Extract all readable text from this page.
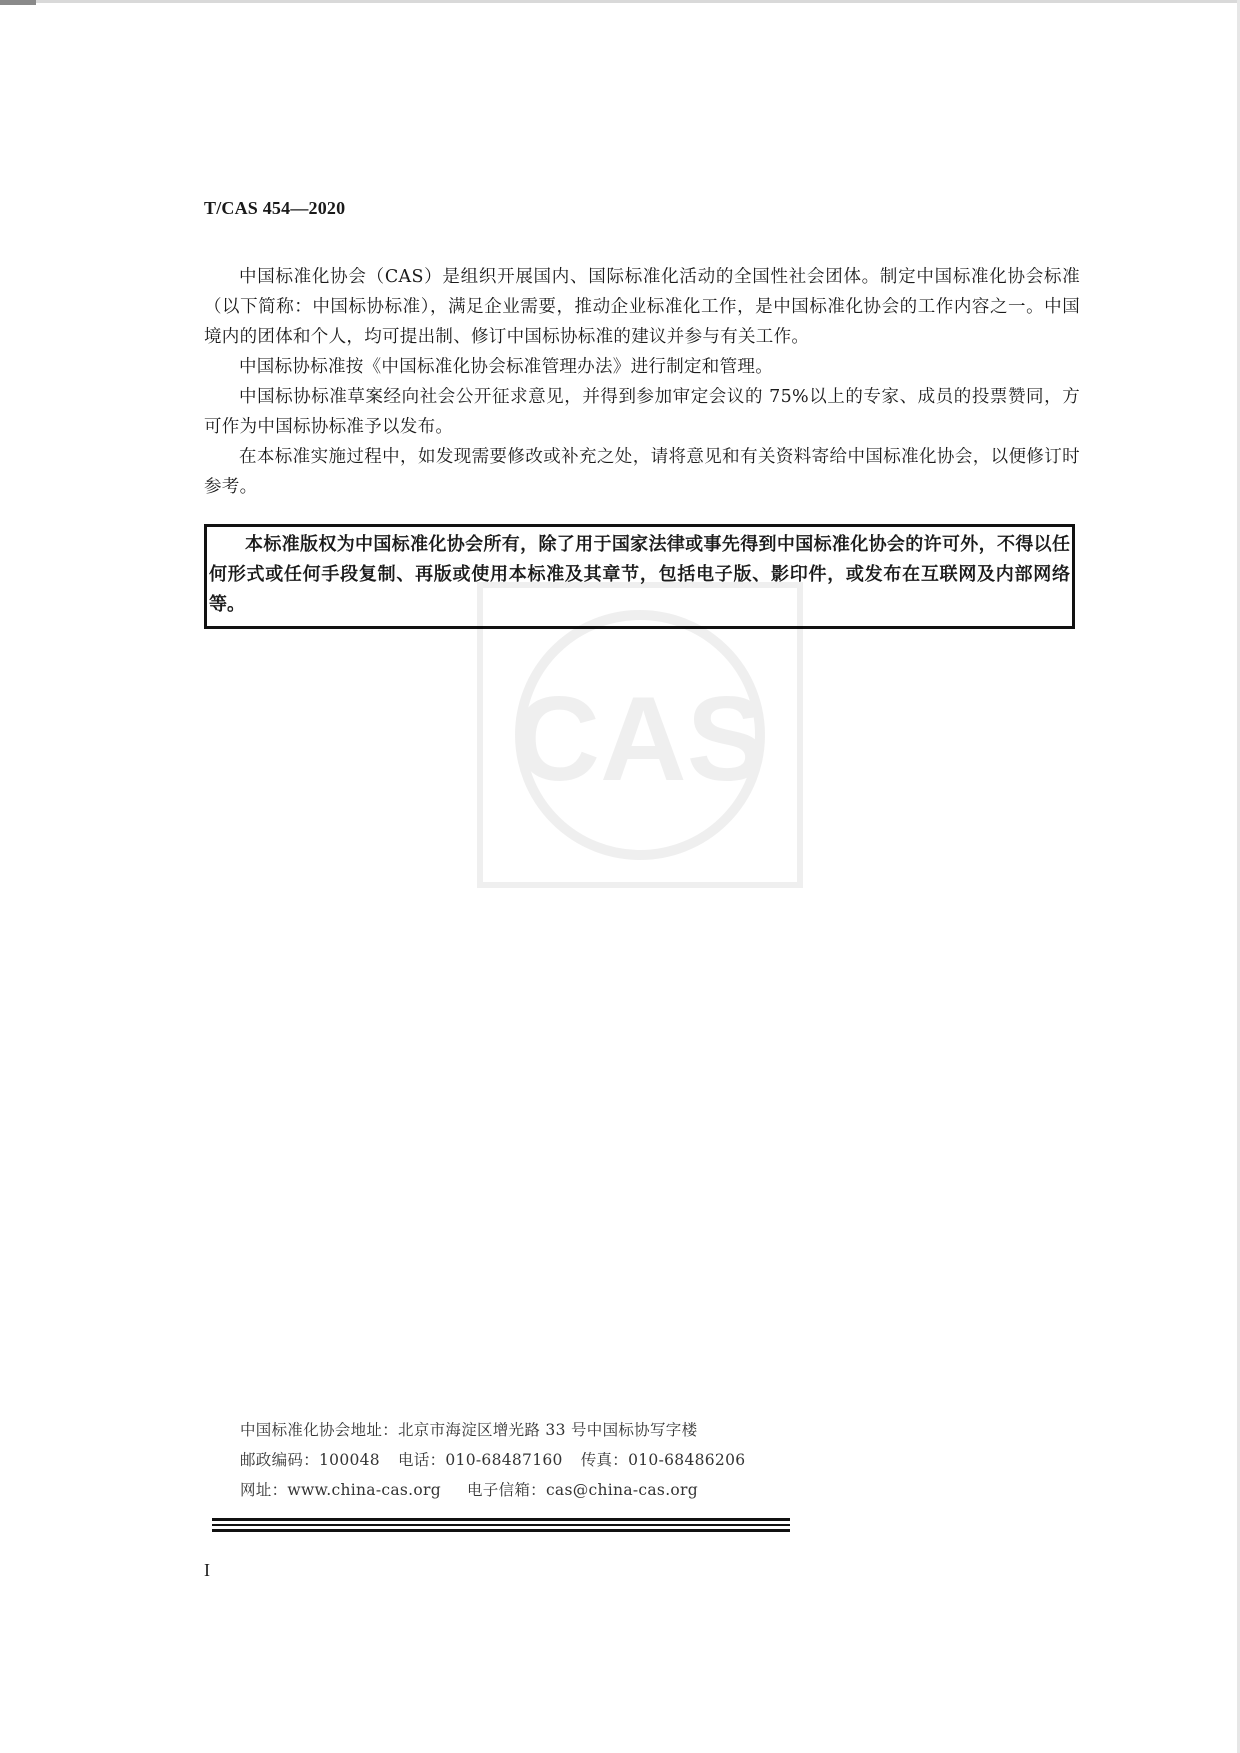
T/CAS 454—2020

中国标准化协会（CAS）是组织开展国内、国际标准化活动的全国性社会团体。制定中国标准化协会标准（以下简称：中国标协标准），满足企业需要，推动企业标准化工作，是中国标准化协会的工作内容之一。中国境内的团体和个人，均可提出制、修订中国标协标准的建议并参与有关工作。

中国标协标准按《中国标准化协会标准管理办法》进行制定和管理。

中国标协标准草案经向社会公开征求意见，并得到参加审定会议的 75%以上的专家、成员的投票赞同，方可作为中国标协标准予以发布。

在本标准实施过程中，如发现需要修改或补充之处，请将意见和有关资料寄给中国标准化协会，以便修订时参考。

本标准版权为中国标准化协会所有，除了用于国家法律或事先得到中国标准化协会的许可外，不得以任何形式或任何手段复制、再版或使用本标准及其章节，包括电子版、影印件，或发布在互联网及内部网络等。

CAS
中国标准化协会地址：北京市海淀区增光路 33 号中国标协写字楼
邮政编码：100048 电话：010-68487160 传真：010-68486206
网址：www.china-cas.org 电子信箱：cas@china-cas.org
I
